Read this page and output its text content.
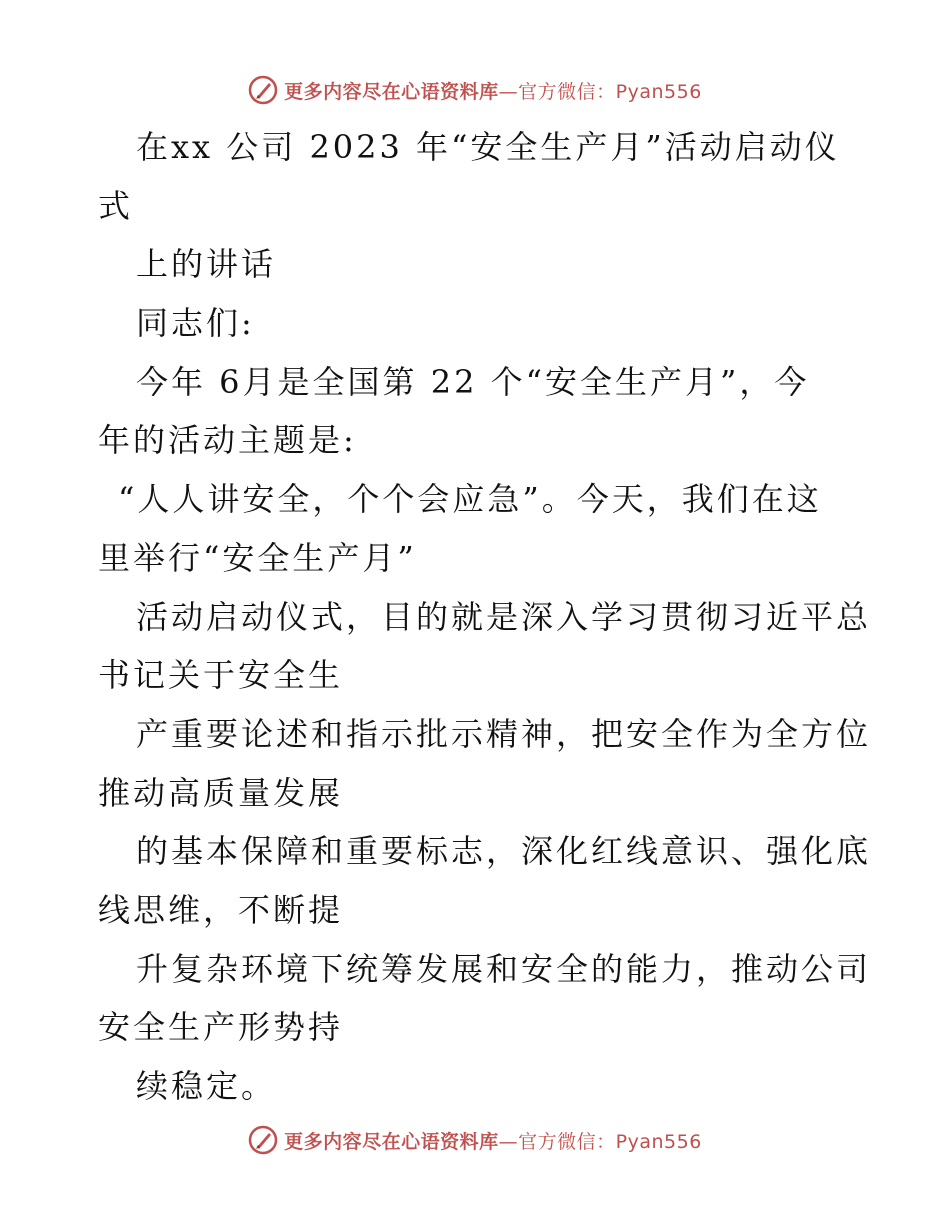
更多内容尽在心语资料库—官方微信：Pyan556
在xx 公司 2023 年“安全生产月”活动启动仪
式
上的讲话
同志们:
今年 6月是全国第 22 个“安全生产月”，今
年的活动主题是:
“人人讲安全，个个会应急”。今天，我们在这
里举行“安全生产月”
活动启动仪式，目的就是深入学习贯彻习近平总
书记关于安全生
产重要论述和指示批示精神，把安全作为全方位
推动高质量发展
的基本保障和重要标志，深化红线意识、强化底
线思维，不断提
升复杂环境下统筹发展和安全的能力，推动公司
安全生产形势持
续稳定。
更多内容尽在心语资料库—官方微信：Pyan556
